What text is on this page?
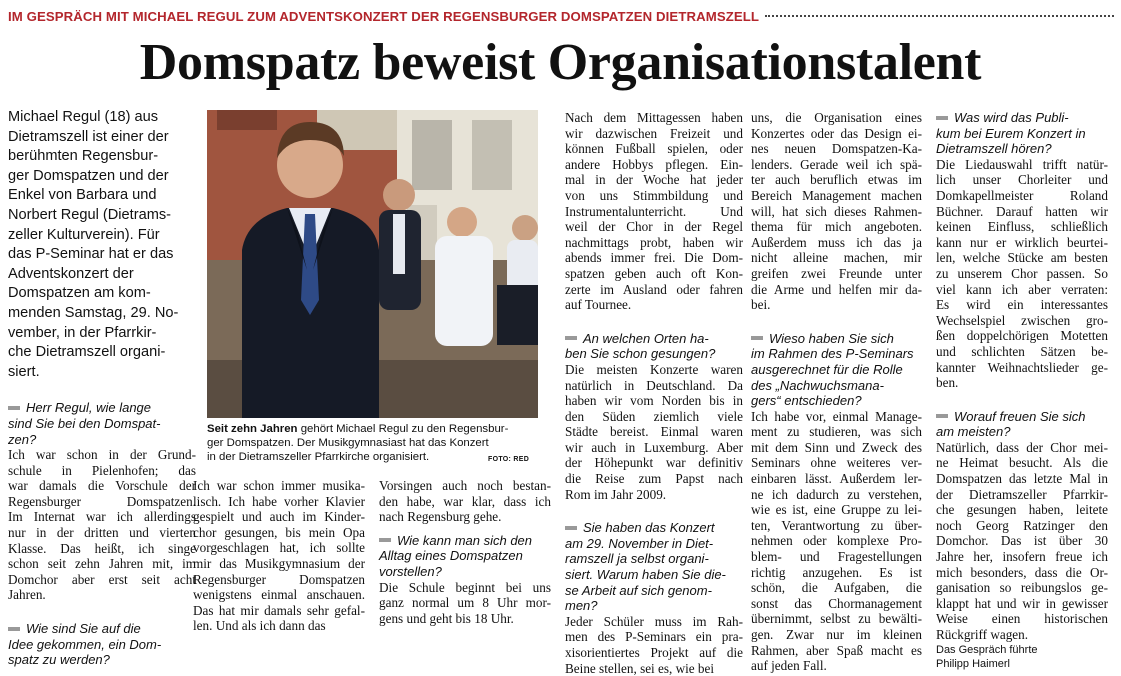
IM GESPRÄCH MIT MICHAEL REGUL ZUM ADVENTSKONZERT DER REGENSBURGER DOMSPATZEN DIETRAMSZELL
Domspatz beweist Organisationstalent
Michael Regul (18) aus
Dietramszell ist einer der
berühmten Regensbur-
ger Domspatzen und der
Enkel von Barbara und
Norbert Regul (Dietrams-
zeller Kulturverein). Für
das P-Seminar hat er das
Adventskonzert der
Domspatzen am kom-
menden Samstag, 29. No-
vember, in der Pfarrkir-
che Dietramszell organi-
siert.
Herr Regul, wie lange
sind Sie bei den Domspat-
zen?
Ich war schon in der Grund-
schule in Pielenhofen; das
war damals die Vorschule der
Regensburger Domspatzen.
Im Internat war ich allerdings
nur in der dritten und vierten
Klasse. Das heißt, ich singe
schon seit zehn Jahren mit, im
Domchor aber erst seit acht
Jahren.
Wie sind Sie auf die
Idee gekommen, ein Dom-
spatz zu werden?
Seit zehn Jahren gehört Michael Regul zu den Regensbur-
ger Domspatzen. Der Musikgymnasiast hat das Konzert
in der Dietramszeller Pfarrkirche organisiert.	FOTO: RED
Ich war schon immer musika-
lisch. Ich habe vorher Klavier
gespielt und auch im Kinder-
chor gesungen, bis mein Opa
vorgeschlagen hat, ich sollte
mir das Musikgymnasium der
Regensburger Domspatzen
wenigstens einmal anschauen.
Das hat mir damals sehr gefal-
len. Und als ich dann das
Vorsingen auch noch bestan-
den habe, war klar, dass ich
nach Regensburg gehe.
Wie kann man sich den
Alltag eines Domspatzen
vorstellen?
Die Schule beginnt bei uns
ganz normal um 8 Uhr mor-
gens und geht bis 18 Uhr.
Nach dem Mittagessen haben
wir dazwischen Freizeit und
können Fußball spielen, oder
andere Hobbys pflegen. Ein-
mal in der Woche hat jeder
von uns Stimmbildung und
Instrumentalunterricht. Und
weil der Chor in der Regel
nachmittags probt, haben wir
abends immer frei. Die Dom-
spatzen geben auch oft Kon-
zerte im Ausland oder fahren
auf Tournee.
An welchen Orten ha-
ben Sie schon gesungen?
Die meisten Konzerte waren
natürlich in Deutschland. Da
haben wir vom Norden bis in
den Süden ziemlich viele
Städte bereist. Einmal waren
wir auch in Luxemburg. Aber
der Höhepunkt war definitiv
die Reise zum Papst nach
Rom im Jahr 2009.
Sie haben das Konzert
am 29. November in Diet-
ramszell ja selbst organi-
siert. Warum haben Sie die-
se Arbeit auf sich genom-
men?
Jeder Schüler muss im Rah-
men des P-Seminars ein pra-
xisorientiertes Projekt auf die
Beine stellen, sei es, wie bei
uns, die Organisation eines
Konzertes oder das Design ei-
nes neuen Domspatzen-Ka-
lenders. Gerade weil ich spä-
ter auch beruflich etwas im
Bereich Management machen
will, hat sich dieses Rahmen-
thema für mich angeboten.
Außerdem muss ich das ja
nicht alleine machen, mir
greifen zwei Freunde unter
die Arme und helfen mir da-
bei.
Wieso haben Sie sich
im Rahmen des P-Seminars
ausgerechnet für die Rolle
des „Nachwuchsmana-
gers“ entschieden?
Ich habe vor, einmal Manage-
ment zu studieren, was sich
mit dem Sinn und Zweck des
Seminars ohne weiteres ver-
einbaren lässt. Außerdem ler-
ne ich dadurch zu verstehen,
wie es ist, eine Gruppe zu lei-
ten, Verantwortung zu über-
nehmen oder komplexe Pro-
blem- und Fragestellungen
richtig anzugehen. Es ist
schön, die Aufgaben, die
sonst das Chormanagement
übernimmt, selbst zu bewälti-
gen. Zwar nur im kleinen
Rahmen, aber Spaß macht es
auf jeden Fall.
Was wird das Publi-
kum bei Eurem Konzert in
Dietramszell hören?
Die Liedauswahl trifft natür-
lich unser Chorleiter und
Domkapellmeister Roland
Büchner. Darauf hatten wir
keinen Einfluss, schließlich
kann nur er wirklich beurtei-
len, welche Stücke am besten
zu unserem Chor passen. So
viel kann ich aber verraten:
Es wird ein interessantes
Wechselspiel zwischen gro-
ßen doppelchörigen Motetten
und schlichten Sätzen be-
kannter Weihnachtslieder ge-
ben.
Worauf freuen Sie sich
am meisten?
Natürlich, dass der Chor mei-
ne Heimat besucht. Als die
Domspatzen das letzte Mal in
der Dietramszeller Pfarrkir-
che gesungen haben, leitete
noch Georg Ratzinger den
Domchor. Das ist über 30
Jahre her, insofern freue ich
mich besonders, dass die Or-
ganisation so reibungslos ge-
klappt hat und wir in gewisser
Weise einen historischen
Rückgriff wagen.
Das Gespräch führte
Philipp Haimerl
